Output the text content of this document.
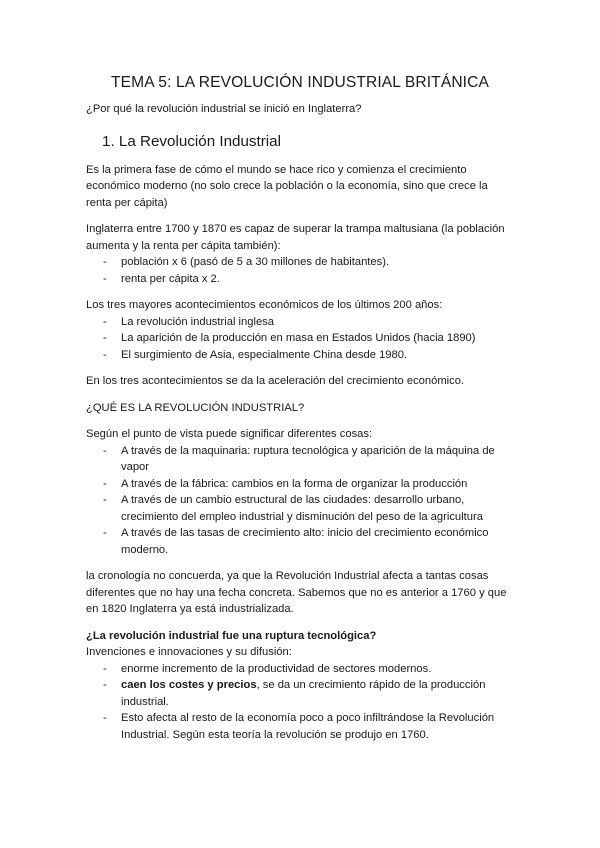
TEMA 5: LA REVOLUCIÓN INDUSTRIAL BRITÁNICA

¿Por qué la revolución industrial se inició en Inglaterra?

1. La Revolución Industrial

Es la primera fase de cómo el mundo se hace rico y comienza el crecimiento económico moderno (no solo crece la población o la economía, sino que crece la renta per cápita)

Inglaterra entre 1700 y 1870 es capaz de superar la trampa maltusiana (la población aumenta y la renta per cápita también):

- población x 6 (pasó de 5 a 30 millones de habitantes).
- renta per cápita x 2.

Los tres mayores acontecimientos económicos de los últimos 200 años:

- La revolución industrial inglesa
- La aparición de la producción en masa en Estados Unidos (hacia 1890)
- El surgimiento de Asia, especialmente China desde 1980.

En los tres acontecimientos se da la aceleración del crecimiento económico.

¿QUÉ ES LA REVOLUCIÓN INDUSTRIAL?

Según el punto de vista puede significar diferentes cosas:

- A través de la maquinaria: ruptura tecnológica y aparición de la máquina de vapor
- A través de la fábrica: cambios en la forma de organizar la producción
- A través de un cambio estructural de las ciudades: desarrollo urbano, crecimiento del empleo industrial y disminución del peso de la agricultura
- A través de las tasas de crecimiento alto: inicio del crecimiento económico moderno.

la cronología no concuerda, ya que la Revolución Industrial afecta a tantas cosas diferentes que no hay una fecha concreta. Sabemos que no es anterior a 1760 y que en 1820 Inglaterra ya está industrializada.

¿La revolución industrial fue una ruptura tecnológica?

Invenciones e innovaciones y su difusión:

- enorme incremento de la productividad de sectores modernos.
- caen los costes y precios, se da un crecimiento rápido de la producción industrial.
- Esto afecta al resto de la economía poco a poco infiltrándose la Revolución Industrial. Según esta teoría la revolución se produjo en 1760.
